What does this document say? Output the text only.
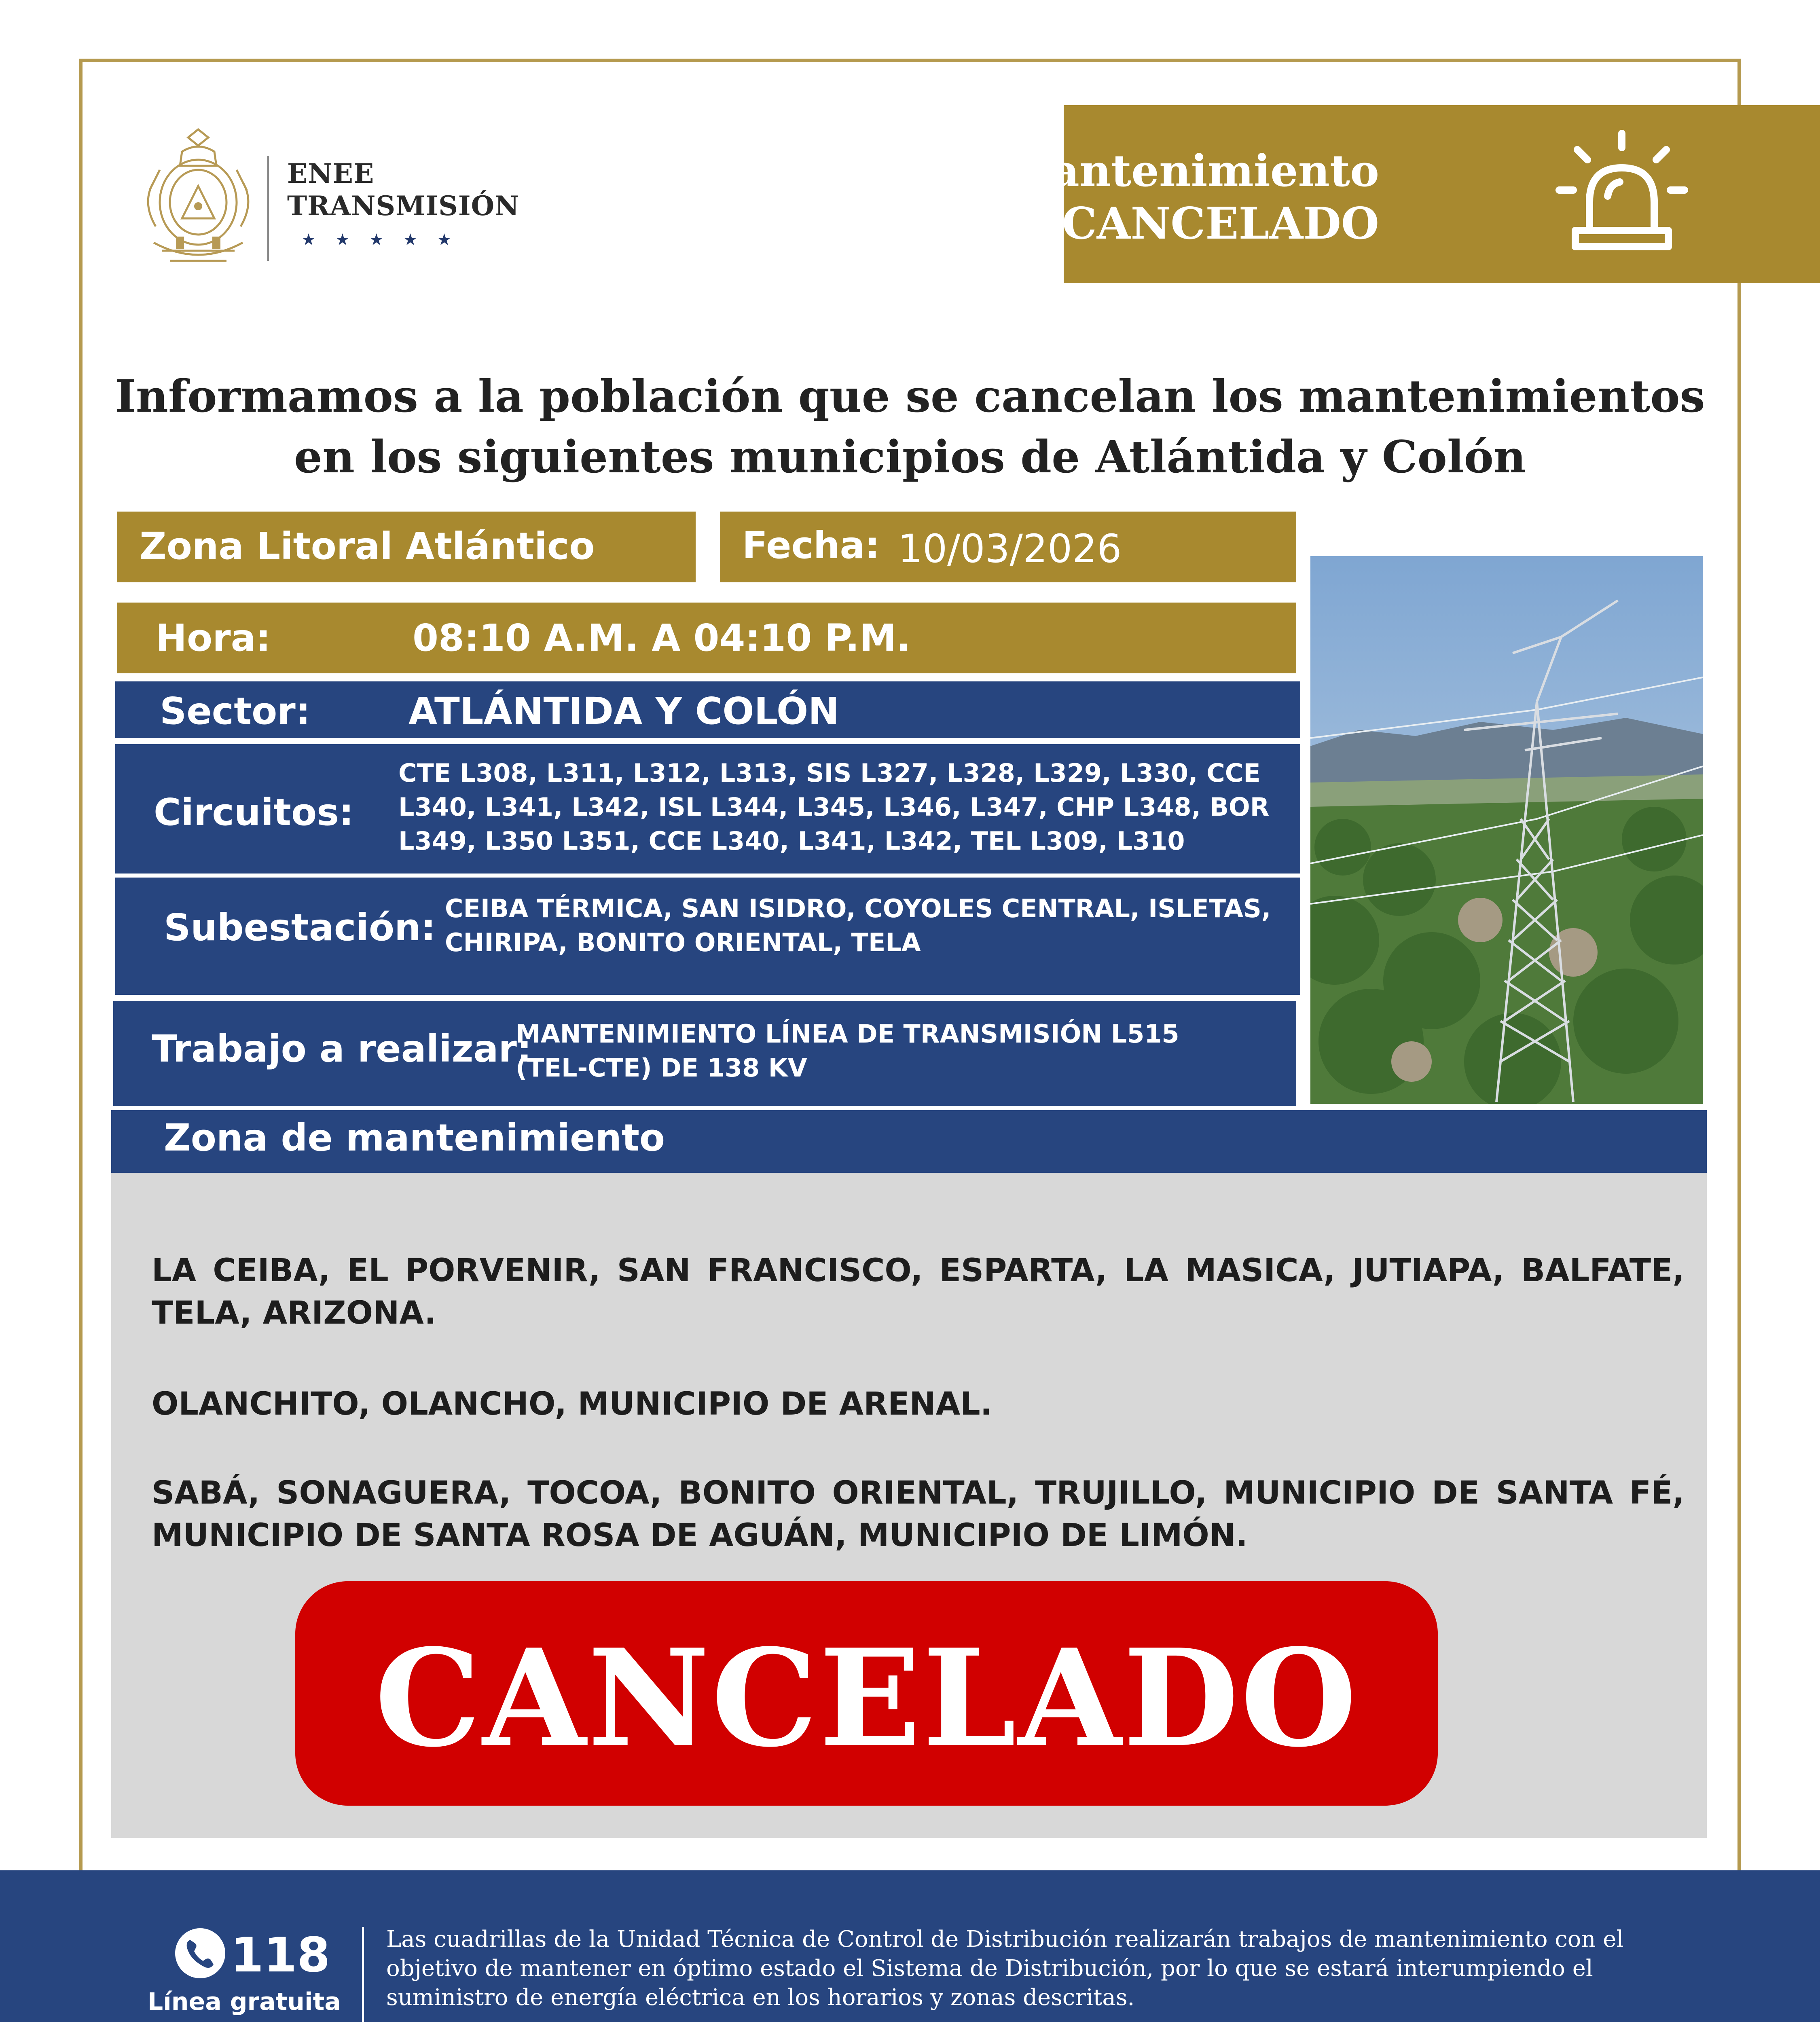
ENEE
TRANSMISIÓN
★★★★★
Mantenimiento
CANCELADO
Informamos a la población que se cancelan los mantenimientos
en los siguientes municipios de Atlántida y Colón
Zona Litoral Atlántico	Fecha: 10/03/2026
Hora:	08:10 A.M. A 04:10 P.M.
Sector:	ATLÁNTIDA Y COLÓN
Circuitos:
CTE L308, L311, L312, L313, SIS L327, L328, L329, L330, CCE L340, L341, L342, ISL L344, L345, L346, L347, CHP L348, BOR L349, L350 L351, CCE L340, L341, L342, TEL L309, L310
Subestación: CEIBA TÉRMICA, SAN ISIDRO, COYOLES CENTRAL, ISLETAS, CHIRIPA, BONITO ORIENTAL, TELA
Trabajo a realizar:
MANTENIMIENTO LÍNEA DE TRANSMISIÓN L515 (TEL-CTE) DE 138 KV
Zona de mantenimiento
LA CEIBA, EL PORVENIR, SAN FRANCISCO, ESPARTA, LA MASICA, JUTIAPA, BALFATE, TELA, ARIZONA.
OLANCHITO, OLANCHO, MUNICIPIO DE ARENAL.
SABÁ, SONAGUERA, TOCOA, BONITO ORIENTAL, TRUJILLO, MUNICIPIO DE SANTA FÉ, MUNICIPIO DE SANTA ROSA DE AGUÁN, MUNICIPIO DE LIMÓN.
CANCELADO
118
Línea gratuita
Las cuadrillas de la Unidad Técnica de Control de Distribución realizarán trabajos de mantenimiento con el objetivo de mantener en óptimo estado el Sistema de Distribución, por lo que se estará interumpiendo el suministro de energía eléctrica en los horarios y zonas descritas.
